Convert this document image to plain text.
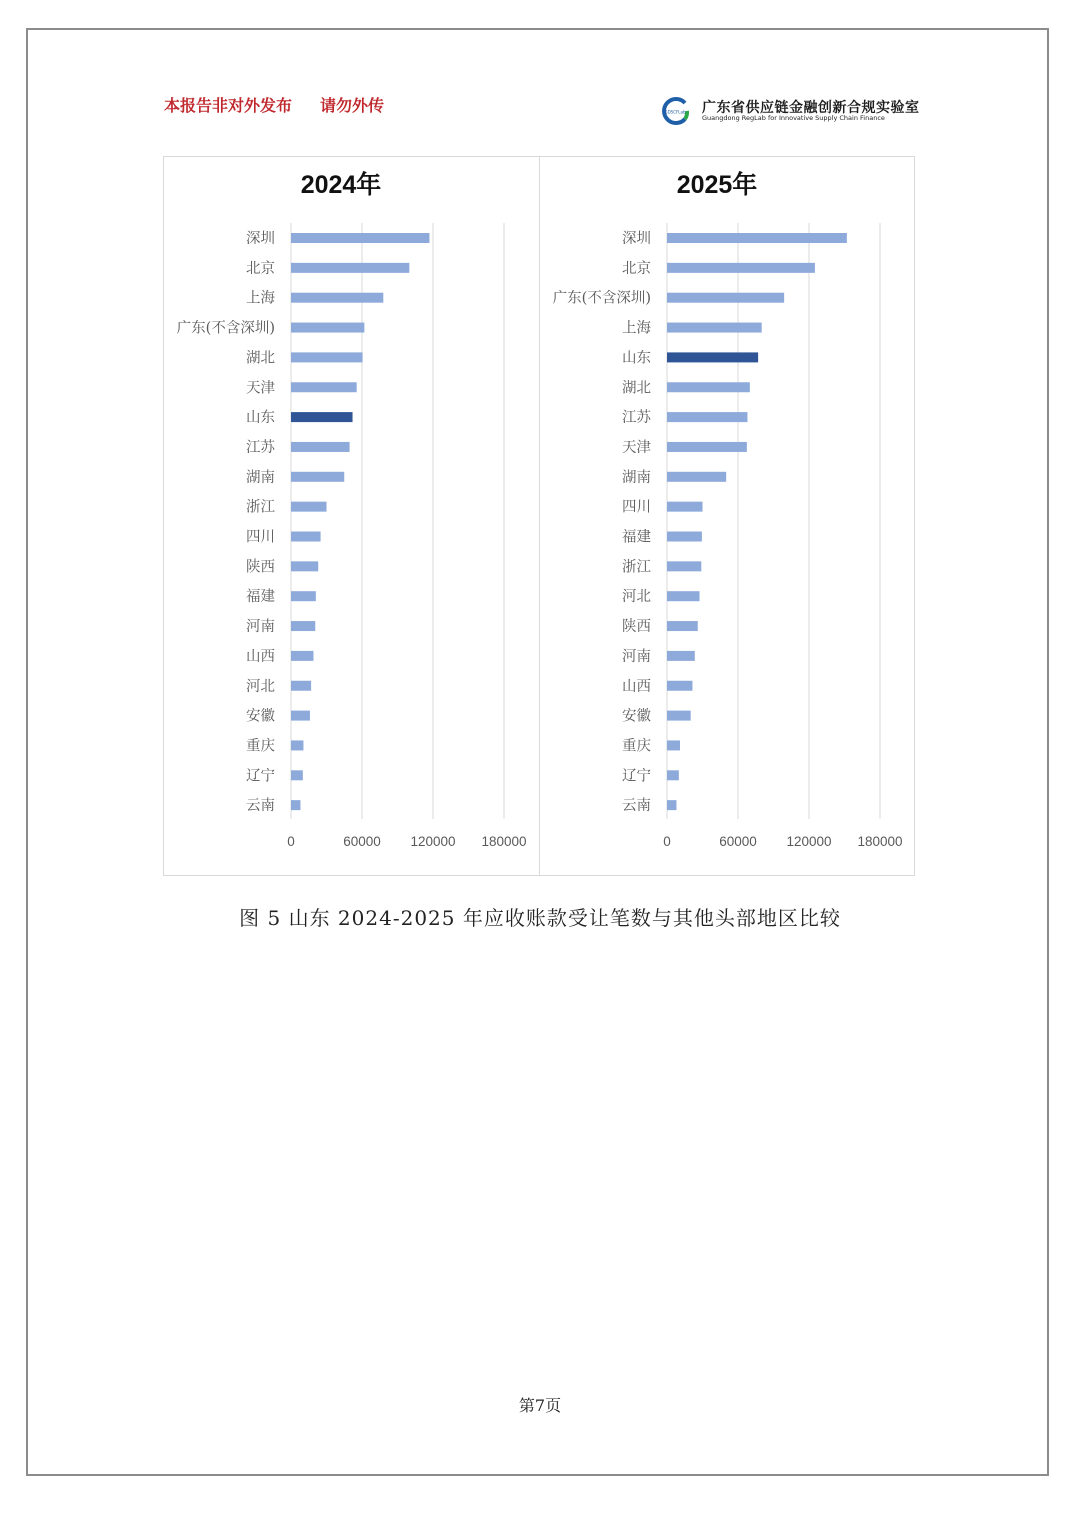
本报告非对外发布 请勿外传	GDSCFLab 广东省供应链金融创新合规实验室
Guangdong RegLab for Innovative Supply Chain Finance
2024年
0	60000 120000 180000
深圳
北京
上海
广东(不含深圳)
湖北
天津
山东
江苏
湖南
浙江
四川
陕西
福建
河南
山西
河北
安徽
重庆
辽宁
云南
2025年
0	60000 120000 180000
深圳
北京
广东(不含深圳)
上海
山东
湖北
江苏
天津
湖南
四川
福建
浙江
河北
陕西
河南
山西
安徽
重庆
辽宁
云南
图 5 山东 2024-2025 年应收账款受让笔数与其他头部地区比较
第7页
